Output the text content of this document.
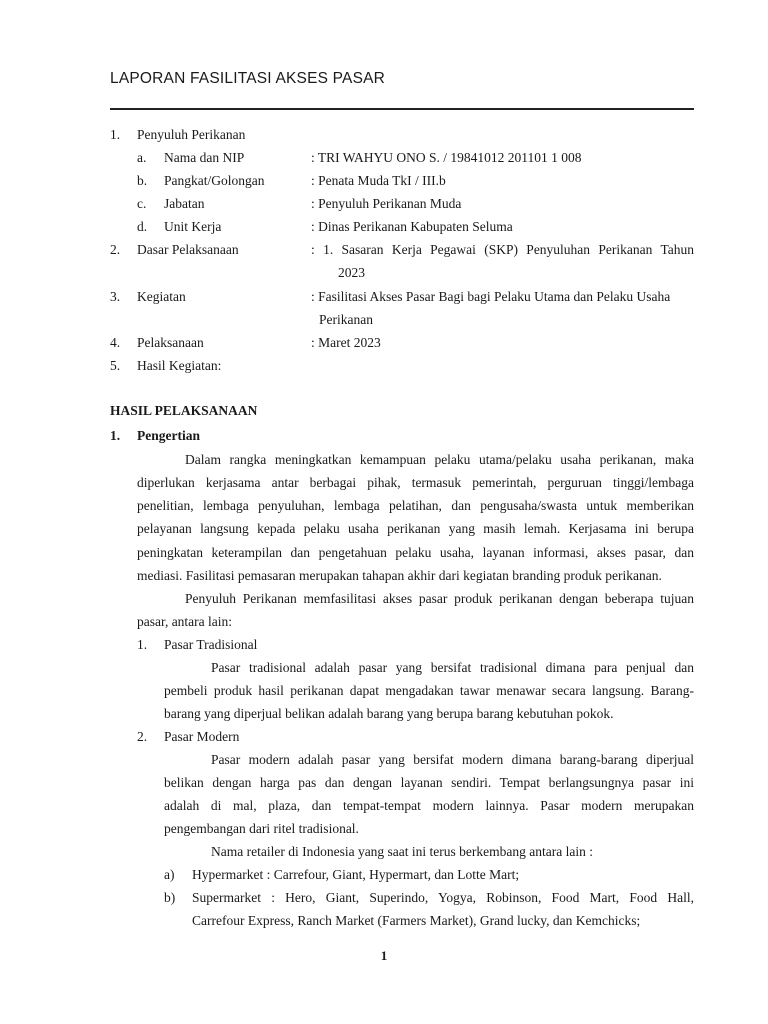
LAPORAN FASILITASI AKSES PASAR
1. Penyuluh Perikanan
a. Nama dan NIP	: TRI WAHYU ONO S. / 19841012 201101 1 008
b. Pangkat/Golongan	: Penata Muda TkI / III.b
c. Jabatan	: Penyuluh Perikanan Muda
d. Unit Kerja	: Dinas Perikanan Kabupaten Seluma
2. Dasar Pelaksanaan	: 1. Sasaran Kerja Pegawai (SKP) Penyuluhan Perikanan Tahun
2023
3. Kegiatan	: Fasilitasi Akses Pasar Bagi bagi Pelaku Utama dan Pelaku Usaha
Perikanan
4. Pelaksanaan	: Maret 2023
5. Hasil Kegiatan:
HASIL PELAKSANAAN
1. Pengertian
Dalam rangka meningkatkan kemampuan pelaku utama/pelaku usaha perikanan, maka
diperlukan kerjasama antar berbagai pihak, termasuk pemerintah, perguruan tinggi/lembaga
penelitian, lembaga penyuluhan, lembaga pelatihan, dan pengusaha/swasta untuk memberikan
pelayanan langsung kepada pelaku usaha perikanan yang masih lemah. Kerjasama ini berupa
peningkatan keterampilan dan pengetahuan pelaku usaha, layanan informasi, akses pasar, dan
mediasi. Fasilitasi pemasaran merupakan tahapan akhir dari kegiatan branding produk perikanan.
Penyuluh Perikanan memfasilitasi akses pasar produk perikanan dengan beberapa tujuan
pasar, antara lain:
1. Pasar Tradisional
Pasar tradisional adalah pasar yang bersifat tradisional dimana para penjual dan
pembeli produk hasil perikanan dapat mengadakan tawar menawar secara langsung. Barang-
barang yang diperjual belikan adalah barang yang berupa barang kebutuhan pokok.
2. Pasar Modern
Pasar modern adalah pasar yang bersifat modern dimana barang-barang diperjual
belikan dengan harga pas dan dengan layanan sendiri. Tempat berlangsungnya pasar ini
adalah di mal, plaza, dan tempat-tempat modern lainnya. Pasar modern merupakan
pengembangan dari ritel tradisional.
Nama retailer di Indonesia yang saat ini terus berkembang antara lain :
a) Hypermarket : Carrefour, Giant, Hypermart, dan Lotte Mart;
b) Supermarket : Hero, Giant, Superindo, Yogya, Robinson, Food Mart, Food Hall,
Carrefour Express, Ranch Market (Farmers Market), Grand lucky, dan Kemchicks;
1
